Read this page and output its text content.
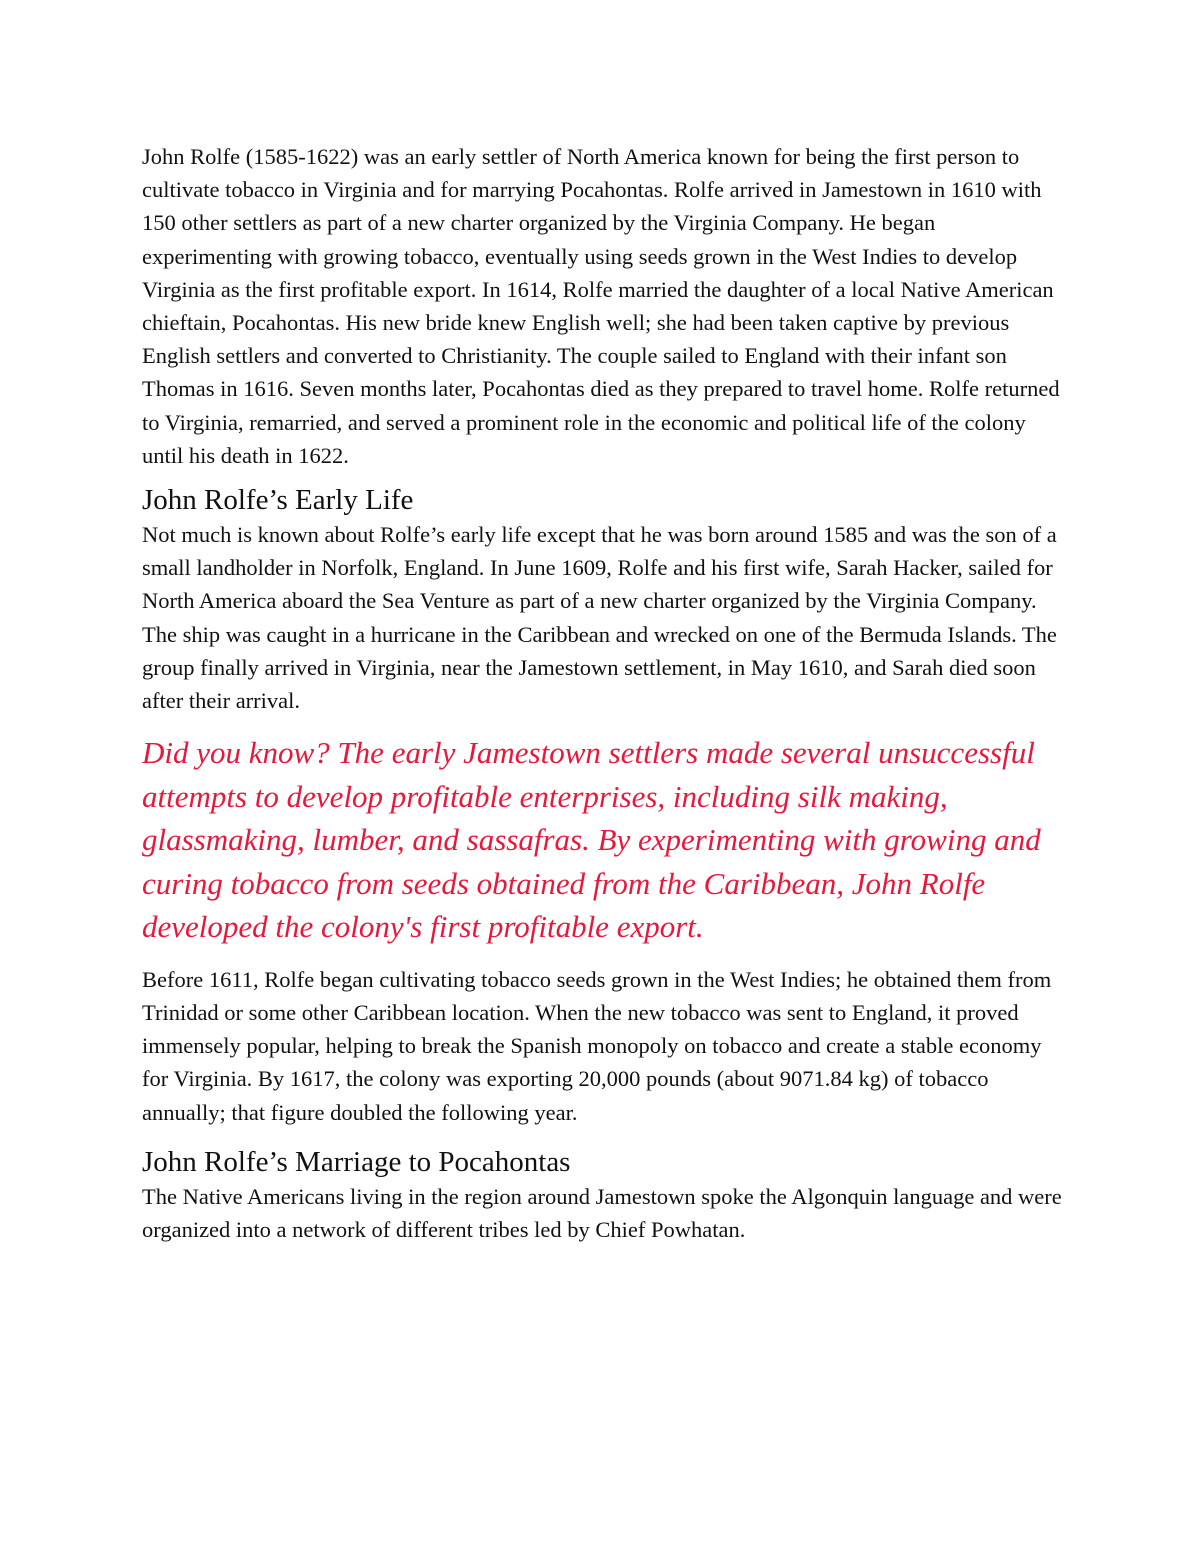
John Rolfe (1585-1622) was an early settler of North America known for being the first person to cultivate tobacco in Virginia and for marrying Pocahontas. Rolfe arrived in Jamestown in 1610 with 150 other settlers as part of a new charter organized by the Virginia Company. He began experimenting with growing tobacco, eventually using seeds grown in the West Indies to develop Virginia as the first profitable export. In 1614, Rolfe married the daughter of a local Native American chieftain, Pocahontas. His new bride knew English well; she had been taken captive by previous English settlers and converted to Christianity. The couple sailed to England with their infant son Thomas in 1616. Seven months later, Pocahontas died as they prepared to travel home. Rolfe returned to Virginia, remarried, and served a prominent role in the economic and political life of the colony until his death in 1622.

John Rolfe’s Early Life

Not much is known about Rolfe’s early life except that he was born around 1585 and was the son of a small landholder in Norfolk, England. In June 1609, Rolfe and his first wife, Sarah Hacker, sailed for North America aboard the Sea Venture as part of a new charter organized by the Virginia Company. The ship was caught in a hurricane in the Caribbean and wrecked on one of the Bermuda Islands. The group finally arrived in Virginia, near the Jamestown settlement, in May 1610, and Sarah died soon after their arrival.

Did you know? The early Jamestown settlers made several unsuccessful attempts to develop profitable enterprises, including silk making, glassmaking, lumber, and sassafras. By experimenting with growing and curing tobacco from seeds obtained from the Caribbean, John Rolfe developed the colony's first profitable export.

Before 1611, Rolfe began cultivating tobacco seeds grown in the West Indies; he obtained them from Trinidad or some other Caribbean location. When the new tobacco was sent to England, it proved immensely popular, helping to break the Spanish monopoly on tobacco and create a stable economy for Virginia. By 1617, the colony was exporting 20,000 pounds (about 9071.84 kg) of tobacco annually; that figure doubled the following year.

John Rolfe’s Marriage to Pocahontas

The Native Americans living in the region around Jamestown spoke the Algonquin language and were organized into a network of different tribes led by Chief Powhatan.
